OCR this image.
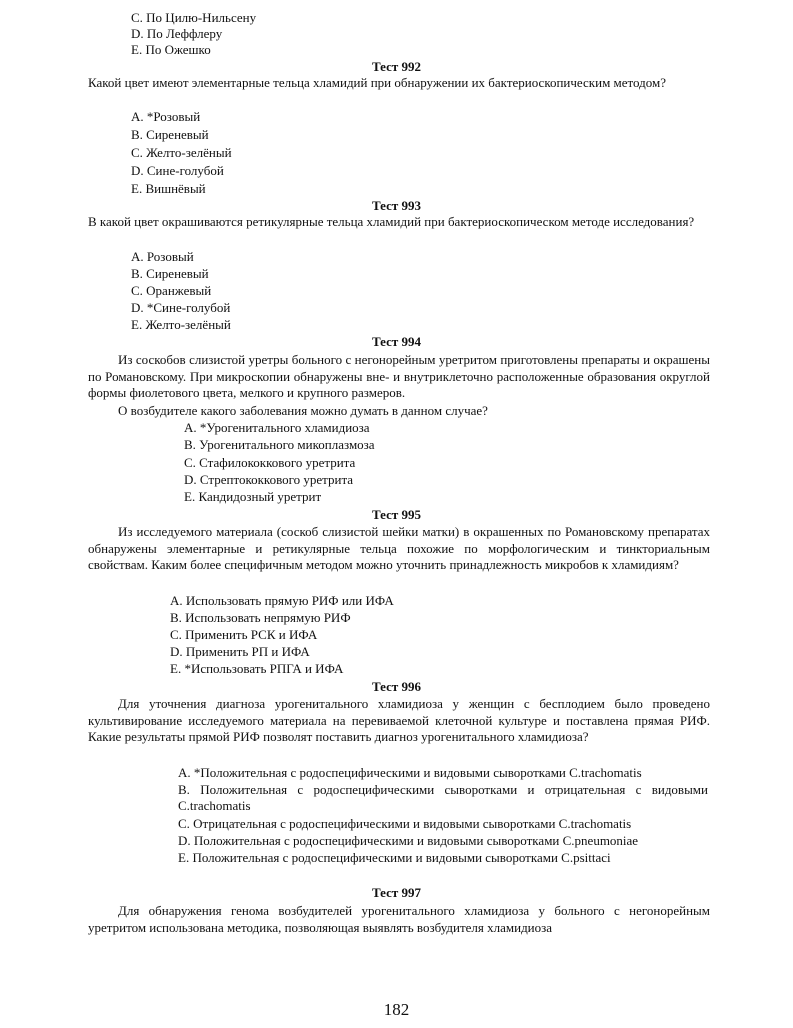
C. По Цилю-Нильсену
D. По Леффлеру
E. По Ожешко
Тест 992
Какой цвет имеют элементарные тельца хламидий при обнаружении их бактериоскопическим методом?
A. *Розовый
B. Сиреневый
C. Желто-зелёный
D. Сине-голубой
E. Вишнёвый
Тест 993
В какой цвет окрашиваются ретикулярные тельца хламидий при бактериоскопическом методе исследования?
A. Розовый
B. Сиреневый
C. Оранжевый
D. *Сине-голубой
E. Желто-зелёный
Тест 994
Из соскобов слизистой уретры больного с негонорейным уретритом приготовлены препараты и окрашены по Романовскому. При микроскопии обнаружены вне- и внутриклеточно расположенные образования округлой формы фиолетового цвета, мелкого и крупного размеров.
О возбудителе какого заболевания можно думать в данном случае?
A. *Урогенитального хламидиоза
B. Урогенитального микоплазмоза
C. Стафилококкового уретрита
D. Стрептококкового уретрита
E. Кандидозный уретрит
Тест 995
Из исследуемого материала (соскоб слизистой шейки матки) в окрашенных по Романовскому препаратах обнаружены элементарные и ретикулярные тельца похожие по морфологическим и тинкториальным свойствам. Каким более специфичным методом можно уточнить принадлежность микробов к хламидиям?
A. Использовать прямую РИФ или ИФА
B. Использовать непрямую РИФ
C. Применить РСК и ИФА
D. Применить РП и ИФА
E. *Использовать РПГА и ИФА
Тест 996
Для уточнения диагноза урогенитального хламидиоза у женщин с бесплодием было проведено культивирование исследуемого материала на перевиваемой клеточной культуре и поставлена прямая РИФ. Какие результаты прямой РИФ позволят поставить диагноз урогенитального хламидиоза?
A. *Положительная с родоспецифическими и видовыми сыворотками C.trachomatis
B. Положительная с родоспецифическими сыворотками и отрицательная с видовыми C.trachomatis
C. Отрицательная с родоспецифическими и видовыми сыворотками C.trachomatis
D. Положительная с родоспецифическими и видовыми сыворотками C.pneumoniae
E. Положительная с родоспецифическими и видовыми сыворотками C.psittaci
Тест 997
Для обнаружения генома возбудителей урогенитального хламидиоза у больного с негонорейным уретритом использована методика, позволяющая выявлять возбудителя хламидиоза
182
